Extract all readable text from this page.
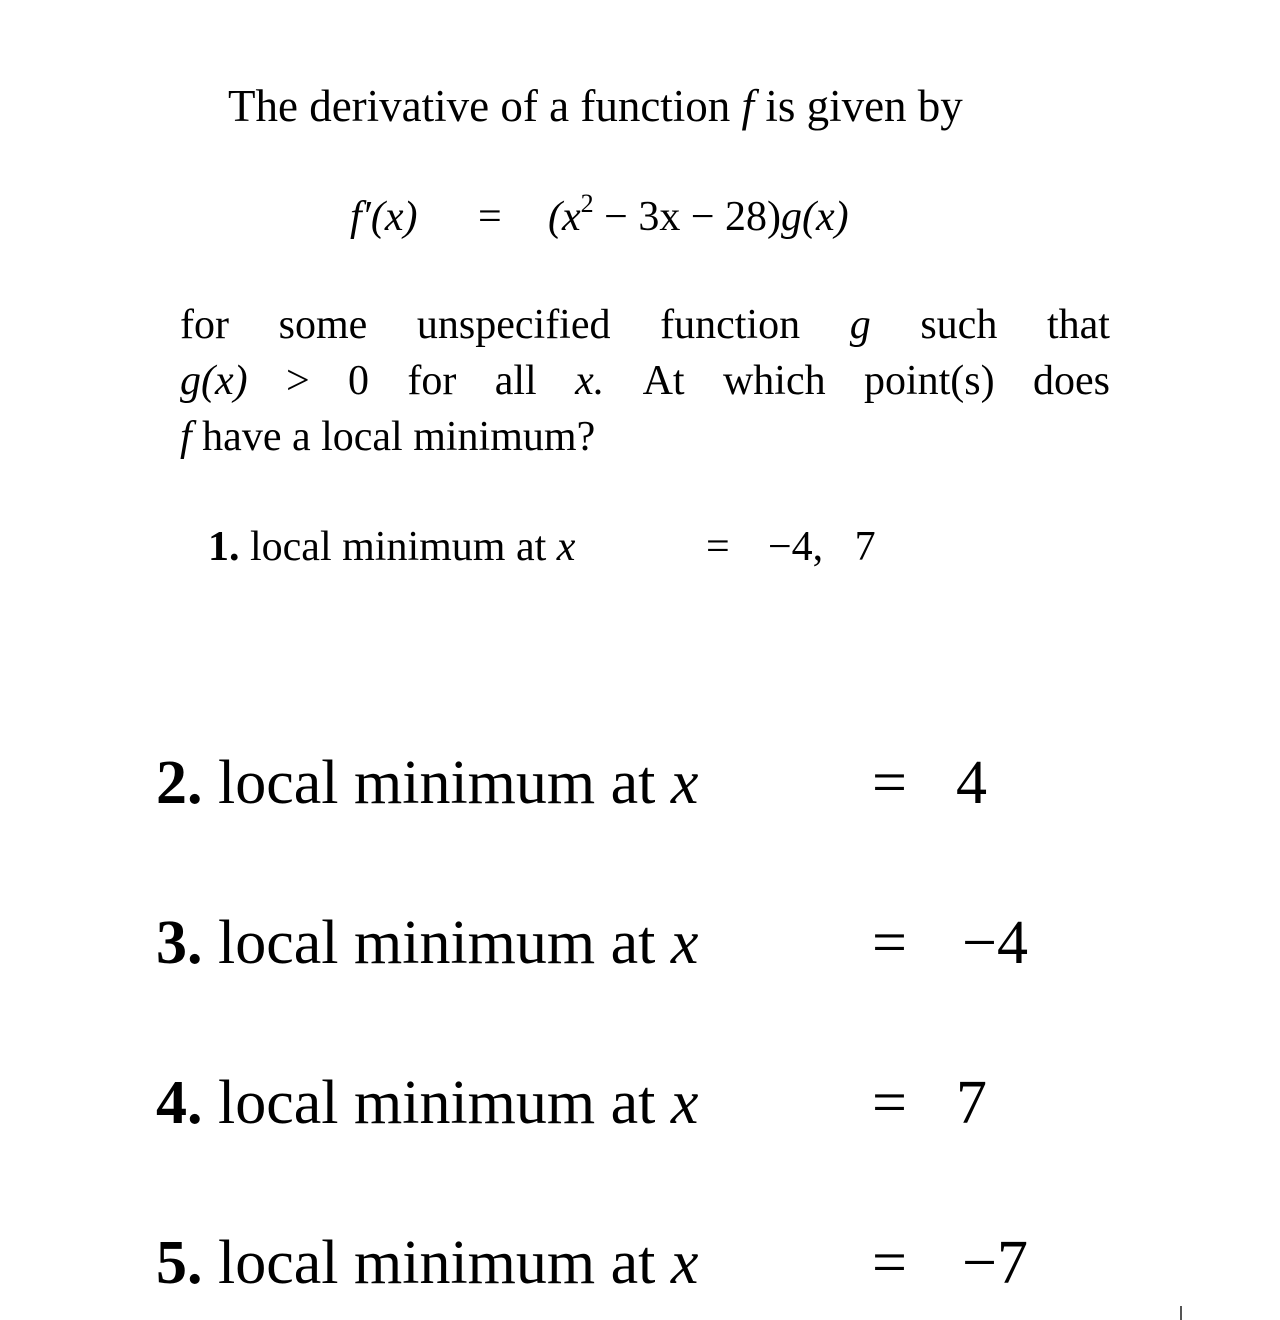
The derivative of a function f is given by
$f'(x) = (x^2 - 3x - 28)g(x)$
for some unspecified function g such that
g(x) > 0 for all x. At which point(s) does
f have a local minimum?
1. local minimum at x	= −4,   7
2. local minimum at x	= 4
3. local minimum at x	= −4
4. local minimum at x	= 7
5. local minimum at x	= −7
